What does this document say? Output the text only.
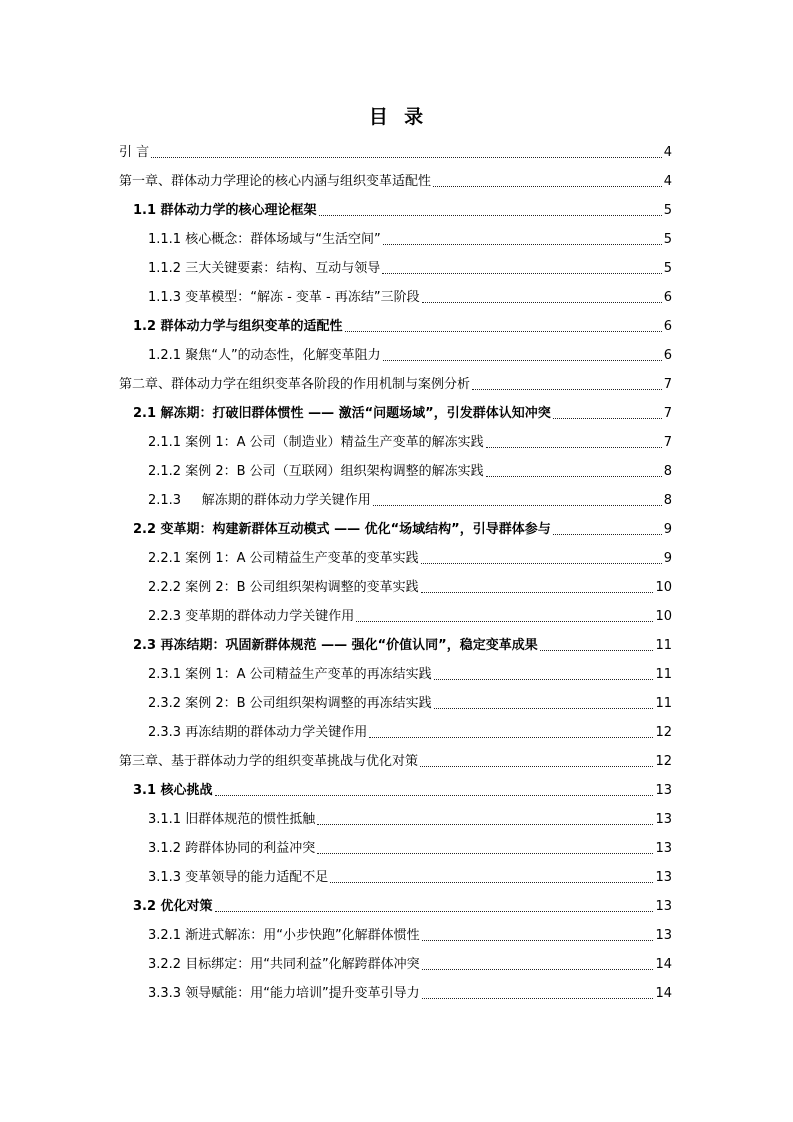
目  录
引 言	4
第一章、群体动力学理论的核心内涵与组织变革适配性	4
1.1 群体动力学的核心理论框架	5
1.1.1 核心概念：群体场域与“生活空间”	5
1.1.2 三大关键要素：结构、互动与领导	5
1.1.3 变革模型：“解冻 - 变革 - 再冻结”三阶段	6
1.2 群体动力学与组织变革的适配性	6
1.2.1 聚焦“人”的动态性，化解变革阻力	6
第二章、群体动力学在组织变革各阶段的作用机制与案例分析	7
2.1 解冻期：打破旧群体惯性 —— 激活“问题场域”，引发群体认知冲突	7
2.1.1 案例 1：A 公司（制造业）精益生产变革的解冻实践	7
2.1.2 案例 2：B 公司（互联网）组织架构调整的解冻实践	8
2.1.3     解冻期的群体动力学关键作用	8
2.2 变革期：构建新群体互动模式 —— 优化“场域结构”，引导群体参与	9
2.2.1 案例 1：A 公司精益生产变革的变革实践	9
2.2.2 案例 2：B 公司组织架构调整的变革实践	10
2.2.3 变革期的群体动力学关键作用	10
2.3 再冻结期：巩固新群体规范 —— 强化“价值认同”，稳定变革成果	11
2.3.1 案例 1：A 公司精益生产变革的再冻结实践	11
2.3.2 案例 2：B 公司组织架构调整的再冻结实践	11
2.3.3 再冻结期的群体动力学关键作用	12
第三章、基于群体动力学的组织变革挑战与优化对策	12
3.1 核心挑战	13
3.1.1 旧群体规范的惯性抵触	13
3.1.2 跨群体协同的利益冲突	13
3.1.3 变革领导的能力适配不足	13
3.2 优化对策	13
3.2.1 渐进式解冻：用“小步快跑”化解群体惯性	13
3.2.2 目标绑定：用“共同利益”化解跨群体冲突	14
3.3.3 领导赋能：用“能力培训”提升变革引导力	14
